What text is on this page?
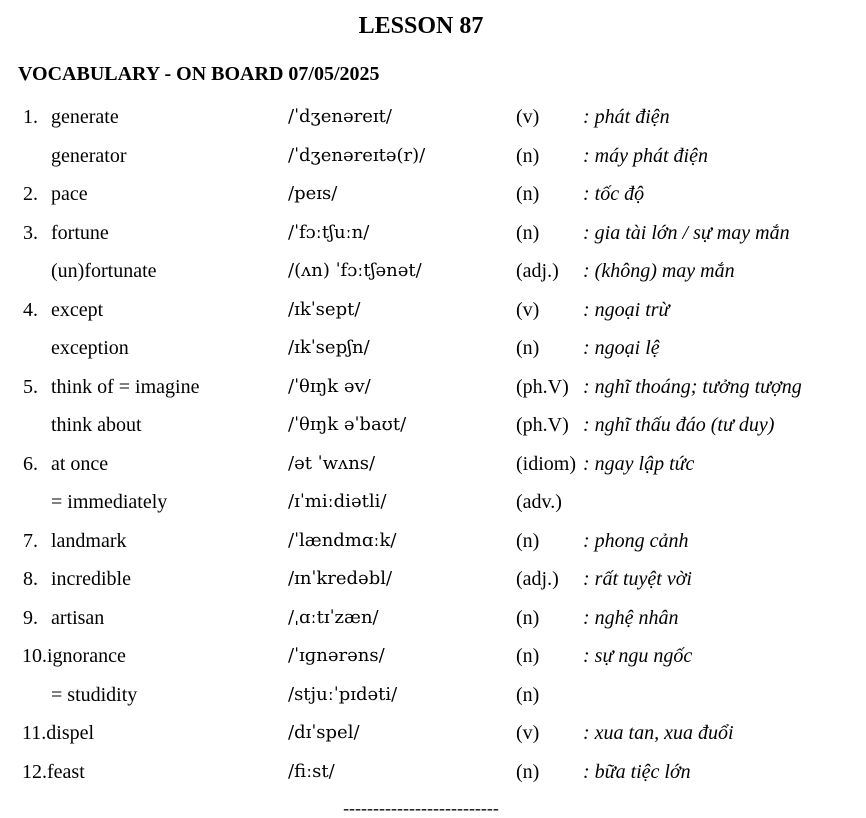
LESSON 87
VOCABULARY - ON BOARD 07/05/2025
1. generate	/ˈdʒenəreɪt/	(v) : phát điện
generator	/ˈdʒenəreɪtə(r)/	(n) : máy phát điện
2. pace	/peɪs/	(n) : tốc độ
3. fortune	/ˈfɔːtʃuːn/	(n) : gia tài lớn / sự may mắn
(un)fortunate	/(ʌn) ˈfɔːtʃənət/	(adj.) : (không) may mắn
4. except	/ɪkˈsept/	(v) : ngoại trừ
exception	/ɪkˈsepʃn/	(n) : ngoại lệ
5. think of = imagine	/ˈθɪŋk əv/	(ph.V) : nghĩ thoáng; tưởng tượng
think about	/ˈθɪŋk əˈbaʊt/	(ph.V) : nghĩ thấu đáo (tư duy)
6. at once	/ət ˈwʌns/	(idiom) : ngay lập tức
= immediately	/ɪˈmiːdiətli/	(adv.)
7. landmark	/ˈlændmɑːk/	(n) : phong cảnh
8. incredible	/ɪnˈkredəbl/	(adj.) : rất tuyệt vời
9. artisan	/ˌɑːtɪˈzæn/	(n) : nghệ nhân
10. ignorance	/ˈɪɡnərəns/	(n) : sự ngu ngốc
= studidity	/stjuːˈpɪdəti/	(n)
11. dispel	/dɪˈspel/	(v) : xua tan, xua đuổi
12. feast	/fiːst/	(n) : bữa tiệc lớn
--------------------------
